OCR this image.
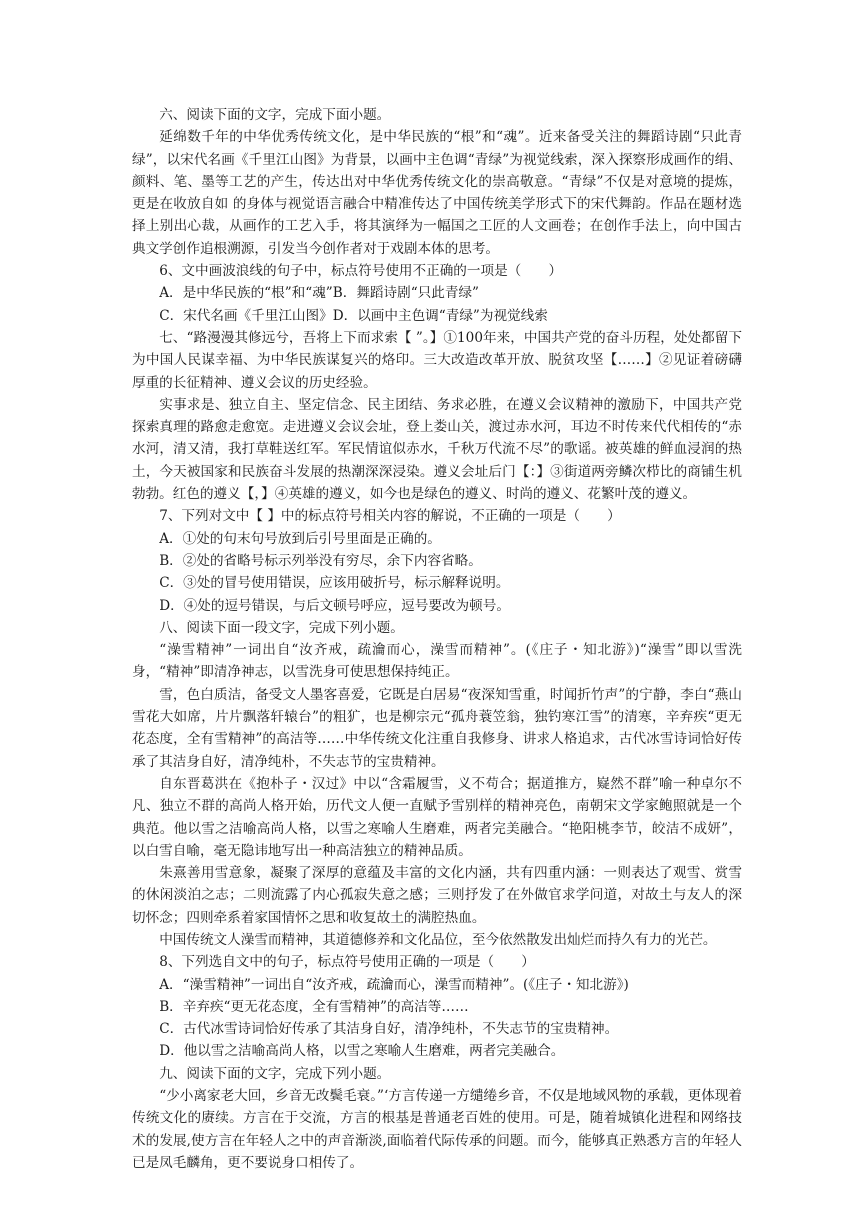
六、阅读下面的文字，完成下面小题。

延绵数千年的中华优秀传统文化，是中华民族的“根”和“魂”。近来备受关注的舞蹈诗剧“只此青绿”，以宋代名画《千里江山图》为背景，以画中主色调“青绿”为视觉线索，深入探察形成画作的绢、颜料、笔、墨等工艺的产生，传达出对中华优秀传统文化的崇高敬意。“青绿”不仅是对意境的提炼，更是在收放自如 的身体与视觉语言融合中精准传达了中国传统美学形式下的宋代舞韵。作品在题材选择上别出心裁，从画作的工艺入手，将其演绎为一幅国之工匠的人文画卷；在创作手法上，向中国古典文学创作追根溯源，引发当今创作者对于戏剧本体的思考。

6、文中画波浪线的句子中，标点符号使用不正确的一项是（　　）

A．是中华民族的“根”和“魂”B．舞蹈诗剧“只此青绿”

C．宋代名画《千里江山图》D．以画中主色调“青绿”为视觉线索

七、“路漫漫其修远兮，吾将上下而求索【 ”。】①100年来，中国共产党的奋斗历程，处处都留下为中国人民谋幸福、为中华民族谋复兴的烙印。三大改造改革开放、脱贫攻坚【……】②见证着磅礴厚重的长征精神、遵义会议的历史经验。

实事求是、独立自主、坚定信念、民主团结、务求必胜，在遵义会议精神的激励下，中国共产党探索真理的路愈走愈宽。走进遵义会议会址，登上娄山关，渡过赤水河，耳边不时传来代代相传的“赤水河，清又清，我打草鞋送红军。军民情谊似赤水，千秋万代流不尽”的歌谣。被英雄的鲜血浸润的热土，今天被国家和民族奋斗发展的热潮深深浸染。遵义会址后门【：】③街道两旁鳞次栉比的商铺生机勃勃。红色的遵义【，】④英雄的遵义，如今也是绿色的遵义、时尚的遵义、花繁叶茂的遵义。

7、下列对文中【 】中的标点符号相关内容的解说，不正确的一项是（　　）

A．①处的句末句号放到后引号里面是正确的。

B．②处的省略号标示列举没有穷尽，余下内容省略。

C．③处的冒号使用错误，应该用破折号，标示解释说明。

D．④处的逗号错误，与后文顿号呼应，逗号要改为顿号。

八、阅读下面一段文字，完成下列小题。

“澡雪精神”一词出自“汝齐戒，疏瀹而心，澡雪而精神”。(《庄子・知北游》)“澡雪”即以雪洗身，“精神”即清净神志，以雪洗身可使思想保持纯正。

雪，色白质洁，备受文人墨客喜爱，它既是白居易“夜深知雪重，时闻折竹声”的宁静，李白“燕山雪花大如席，片片飘落轩辕台”的粗犷，也是柳宗元“孤舟蓑笠翁，独钓寒江雪”的清寒，辛弃疾“更无花态度，全有雪精神”的高洁等……中华传统文化注重自我修身、讲求人格追求，古代冰雪诗词恰好传承了其洁身自好，清净纯朴，不失志节的宝贵精神。

自东晋葛洪在《抱朴子・汉过》中以“含霜履雪，义不苟合；据道推方，嶷然不群”喻一种卓尔不凡、独立不群的高尚人格开始，历代文人便一直赋予雪别样的精神亮色，南朝宋文学家鲍照就是一个典范。他以雪之洁喻高尚人格，以雪之寒喻人生磨难，两者完美融合。“艳阳桃李节，皎洁不成妍”，以白雪自喻，毫无隐讳地写出一种高洁独立的精神品质。

朱熹善用雪意象，凝聚了深厚的意蕴及丰富的文化内涵，共有四重内涵：一则表达了观雪、赏雪的休闲淡泊之志；二则流露了内心孤寂失意之感；三则抒发了在外做官求学问道，对故土与友人的深切怀念；四则牵系着家国情怀之思和收复故土的满腔热血。

中国传统文人澡雪而精神，其道德修养和文化品位，至今依然散发出灿烂而持久有力的光芒。

8、下列选自文中的句子，标点符号使用正确的一项是（　　）

A．“澡雪精神”一词出自“汝齐戒，疏瀹而心，澡雪而精神”。(《庄子・知北游》)

B．辛弃疾“更无花态度，全有雪精神”的高洁等……

C．古代冰雪诗词恰好传承了其洁身自好，清净纯朴，不失志节的宝贵精神。

D．他以雪之洁喻高尚人格，以雪之寒喻人生磨难，两者完美融合。

九、阅读下面的文字，完成下列小题。

“少小离家老大回，乡音无改鬓毛衰。”‘方言传递一方缱绻乡音，不仅是地域风物的承载，更体现着传统文化的赓续。方言在于交流，方言的根基是普通老百姓的使用。可是，随着城镇化进程和网络技术的发展,使方言在年轻人之中的声音渐淡,面临着代际传承的问题。而今，能够真正熟悉方言的年轻人已是凤毛麟角，更不要说身口相传了。
